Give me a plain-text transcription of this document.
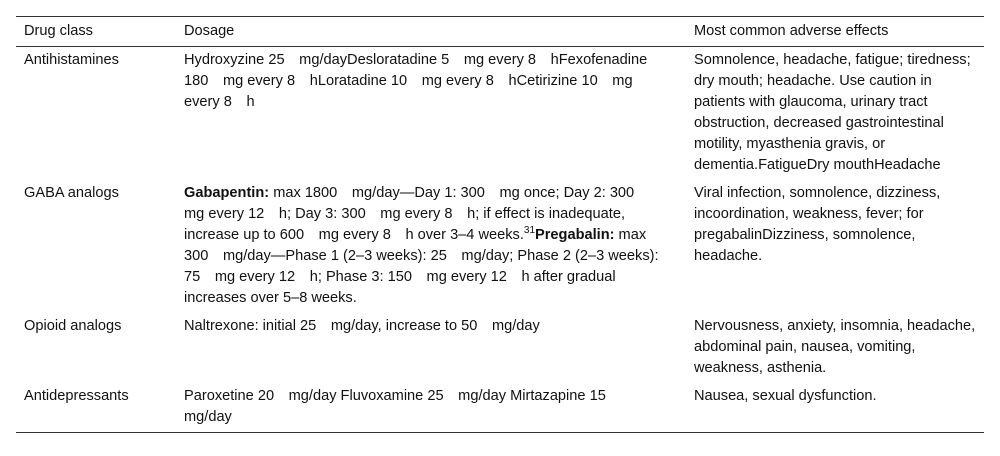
Drug class	Dosage	Most common adverse effects
Antihistamines	Hydroxyzine 25 mg/dayDesloratadine 5 mg every 8 hFexofenadine 180 mg every 8 hLoratadine 10 mg every 8 hCetirizine 10 mg every 8 h	Somnolence, headache, fatigue; tiredness; dry mouth; headache. Use caution in patients with glaucoma, urinary tract obstruction, decreased gastrointestinal motility, myasthenia gravis, or dementia.FatigueDry mouthHeadache
GABA analogs	Gabapentin: max 1800 mg/day—Day 1: 300 mg once; Day 2: 300 mg every 12 h; Day 3: 300 mg every 8 h; if effect is inadequate, increase up to 600 mg every 8 h over 3–4 weeks.$^{31}$Pregabalin: max 300 mg/day—Phase 1 (2–3 weeks): 25 mg/day; Phase 2 (2–3 weeks): 75 mg every 12 h; Phase 3: 150 mg every 12 h after gradual increases over 5–8 weeks.	Viral infection, somnolence, dizziness, incoordination, weakness, fever; for pregabalinDizziness, somnolence, headache.
Opioid analogs	Naltrexone: initial 25 mg/day, increase to 50 mg/day	Nervousness, anxiety, insomnia, headache, abdominal pain, nausea, vomiting, weakness, asthenia.
Antidepressants	Paroxetine 20 mg/day Fluvoxamine 25 mg/day Mirtazapine 15 mg/day	Nausea, sexual dysfunction.
